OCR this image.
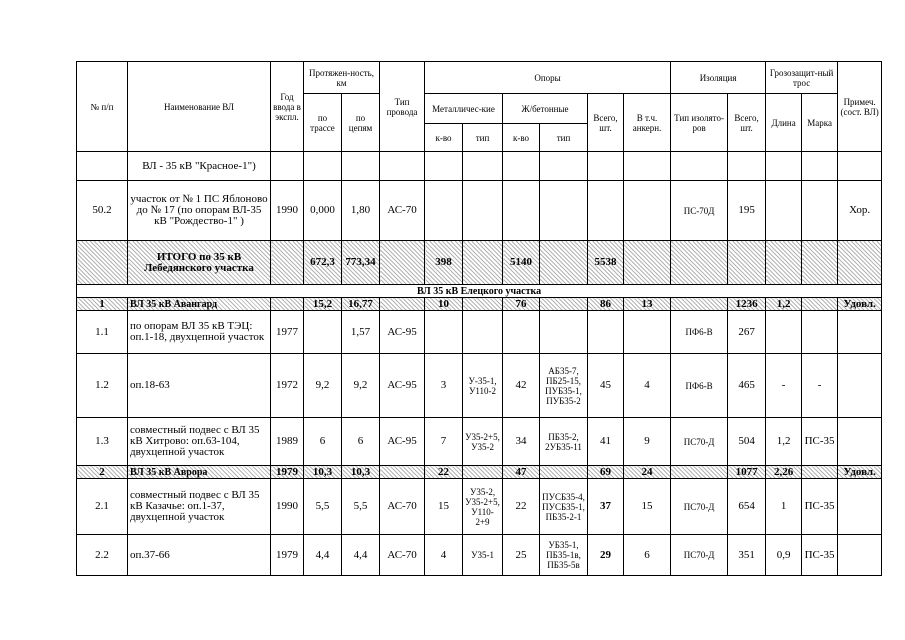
№ п/п	Наименование ВЛ	Год ввода в экспл.	Протяжен-ность, км		Тип провода	Опоры						Изоляция		Грозозащит-ный трос		Примеч. (сост. ВЛ)
			по трассе	по цепям		Металличес-кие		Ж/бетонные		Всего, шт.	В т.ч. анкерн.	Тип изолято-ров	Всего, шт.	Длина	Марка	
						к-во	тип	к-во	тип							
	ВЛ - 35 кВ "Красное-1")															
50.2	участок от № 1 ПС Яблоново до № 17 (по опорам ВЛ-35 кВ "Рождество-1" )	1990	0,000	1,80	АС-70							ПС-70Д	195			Хор.
	ИТОГО по 35 кВ Лебедянского участка		672,3	773,34		398		5140		5538						
ВЛ 35 кВ Елецкого участка																
1	ВЛ 35 кВ Авангард		15,2	16,77		10		76		86	13		1236	1,2		Удовл.
1.1	по опорам ВЛ 35 кВ ТЭЦ: оп.1-18, двухцепной участок	1977		1,57	АС-95							ПФ6-В	267			
1.2	оп.18-63	1972	9,2	9,2	АС-95	3	У-35-1, У110-2	42	АБ35-7, ПБ25-15, ПУБ35-1, ПУБ35-2	45	4	ПФ6-В	465	-	-	
1.3	совместный подвес с ВЛ 35 кВ Хитрово: оп.63-104, двухцепной участок	1989	6	6	АС-95	7	У35-2+5, У35-2	34	ПБ35-2, 2УБ35-11	41	9	ПС70-Д	504	1,2	ПС-35	
2	ВЛ 35 кВ Аврора	1979	10,3	10,3		22		47		69	24		1077	2,26		Удовл.
2.1	совместный подвес с ВЛ 35 кВ Казачье: оп.1-37, двухцепной участок	1990	5,5	5,5	АС-70	15	У35-2, У35-2+5, У110-2+9	22	ПУСБ35-4, ПУСБ35-1, ПБ35-2-1	37	15	ПС70-Д	654	1	ПС-35	
2.2	оп.37-66	1979	4,4	4,4	АС-70	4	У35-1	25	УБ35-1, ПБ35-1в, ПБ35-5в	29	6	ПС70-Д	351	0,9	ПС-35	
